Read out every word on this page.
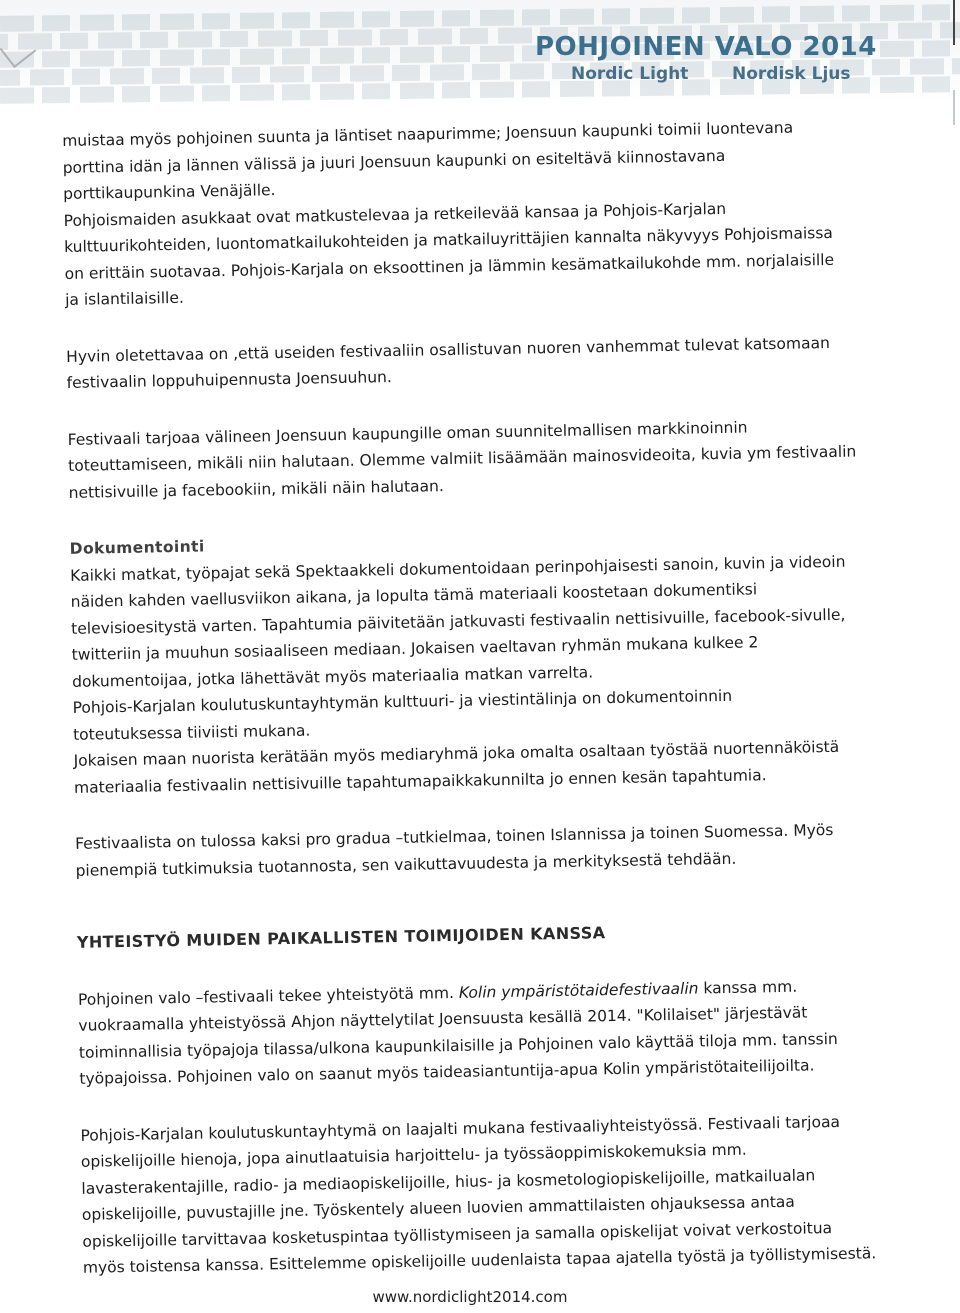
POHJOINEN VALO 2014
Nordic Light	Nordisk Ljus
muistaa myös pohjoinen suunta ja läntiset naapurimme; Joensuun kaupunki toimii luontevana
porttina idän ja lännen välissä ja juuri Joensuun kaupunki on esiteltävä kiinnostavana
porttikaupunkina Venäjälle.
Pohjoismaiden asukkaat ovat matkustelevaa ja retkeilevää kansaa ja Pohjois-Karjalan
kulttuurikohteiden, luontomatkailukohteiden ja matkailuyrittäjien kannalta näkyvyys Pohjoismaissa
on erittäin suotavaa. Pohjois-Karjala on eksoottinen ja lämmin kesämatkailukohde mm. norjalaisille
ja islantilaisille.
Hyvin oletettavaa on ,että useiden festivaaliin osallistuvan nuoren vanhemmat tulevat katsomaan
festivaalin loppuhuipennusta Joensuuhun.
Festivaali tarjoaa välineen Joensuun kaupungille oman suunnitelmallisen markkinoinnin
toteuttamiseen, mikäli niin halutaan. Olemme valmiit lisäämään mainosvideoita, kuvia ym festivaalin
nettisivuille ja facebookiin, mikäli näin halutaan.
Dokumentointi
Kaikki matkat, työpajat sekä Spektaakkeli dokumentoidaan perinpohjaisesti sanoin, kuvin ja videoin
näiden kahden vaellusviikon aikana, ja lopulta tämä materiaali koostetaan dokumentiksi
televisioesitystä varten. Tapahtumia päivitetään jatkuvasti festivaalin nettisivuille, facebook-sivulle,
twitteriin ja muuhun sosiaaliseen mediaan. Jokaisen vaeltavan ryhmän mukana kulkee 2
dokumentoijaa, jotka lähettävät myös materiaalia matkan varrelta.
Pohjois-Karjalan koulutuskuntayhtymän kulttuuri- ja viestintälinja on dokumentoinnin
toteutuksessa tiiviisti mukana.
Jokaisen maan nuorista kerätään myös mediaryhmä joka omalta osaltaan työstää nuortennäköistä
materiaalia festivaalin nettisivuille tapahtumapaikkakunnilta jo ennen kesän tapahtumia.
Festivaalista on tulossa kaksi pro gradua –tutkielmaa, toinen Islannissa ja toinen Suomessa. Myös
pienempiä tutkimuksia tuotannosta, sen vaikuttavuudesta ja merkityksestä tehdään.
YHTEISTYÖ MUIDEN PAIKALLISTEN TOIMIJOIDEN KANSSA
Pohjoinen valo –festivaali tekee yhteistyötä mm. Kolin ympäristötaidefestivaalin kanssa mm.
vuokraamalla yhteistyössä Ahjon näyttelytilat Joensuusta kesällä 2014. "Kolilaiset" järjestävät
toiminnallisia työpajoja tilassa/ulkona kaupunkilaisille ja Pohjoinen valo käyttää tiloja mm. tanssin
työpajoissa. Pohjoinen valo on saanut myös taideasiantuntija-apua Kolin ympäristötaiteilijoilta.
Pohjois-Karjalan koulutuskuntayhtymä on laajalti mukana festivaaliyhteistyössä. Festivaali tarjoaa
opiskelijoille hienoja, jopa ainutlaatuisia harjoittelu- ja työssäoppimiskokemuksia mm.
lavasterakentajille, radio- ja mediaopiskelijoille, hius- ja kosmetologiopiskelijoille, matkailualan
opiskelijoille, puvustajille jne. Työskentely alueen luovien ammattilaisten ohjauksessa antaa
opiskelijoille tarvittavaa kosketuspintaa työllistymiseen ja samalla opiskelijat voivat verkostoitua
myös toistensa kanssa. Esittelemme opiskelijoille uudenlaista tapaa ajatella työstä ja työllistymisestä.
www.nordiclight2014.com
